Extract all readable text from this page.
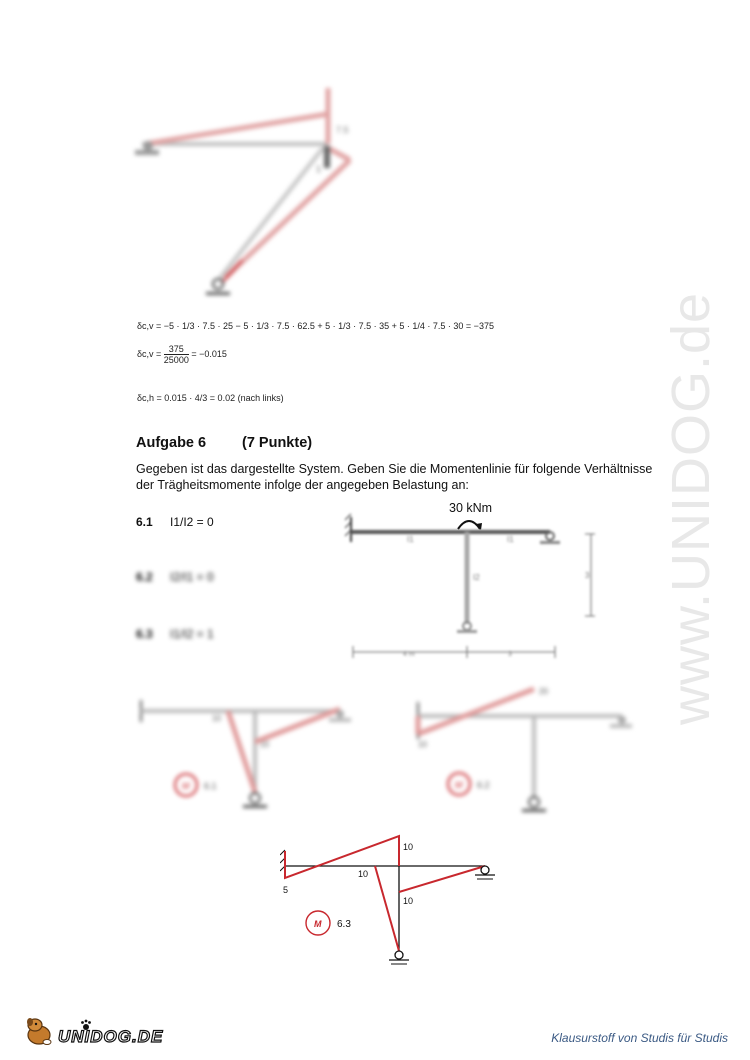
www.UNIDOG.de
7.5
1
δc,v = −5 · 1/3 · 7.5 · 25 − 5 · 1/3 · 7.5 · 62.5 + 5 · 1/3 · 7.5 · 35 + 5 · 1/4 · 7.5 · 30 = −375
$\delta c,v = \frac{375}{25000} = -0.015$
δc,h = 0.015 · 4/3 = 0.02 (nach links)
Aufgabe 6 (7 Punkte)
Gegeben ist das dargestellte System. Geben Sie die Momentenlinie für folgende Verhältnisse
der Trägheitsmomente infolge der angegeben Belastung an:
6.1 I1/I2 = 0
6.2 I2/I1 = 0
6.3 I1/I2 = 1
30 kNm
I1	I1
I2	3
4 m	3
10
10
M 6.1
20
10
M 6.2
10
5
10
10
M 6.3
UNIDOG.DE	Klausurstoff von Studis für Studis
